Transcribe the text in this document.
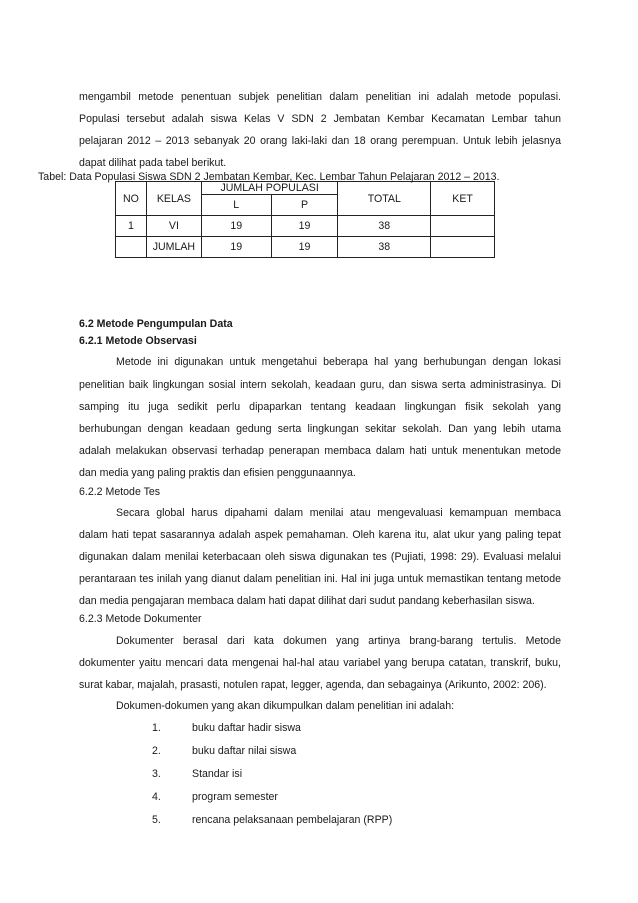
mengambil metode penentuan subjek penelitian dalam penelitian ini adalah metode populasi.
Populasi tersebut adalah siswa Kelas V SDN 2 Jembatan Kembar Kecamatan Lembar tahun
pelajaran 2012 – 2013 sebanyak 20 orang laki-laki dan 18 orang perempuan. Untuk lebih jelasnya
dapat dilihat pada tabel berikut.
Tabel: Data Populasi Siswa SDN 2 Jembatan Kembar, Kec. Lembar Tahun Pelajaran 2012 – 2013.
NO	KELAS	JUMLAH POPULASI		TOTAL	KET
		L	P		
1	VI	19	19	38	
	JUMLAH	19	19	38	
6.2 Metode Pengumpulan Data
6.2.1 Metode Observasi
Metode ini digunakan untuk mengetahui beberapa hal yang berhubungan dengan lokasi
penelitian baik lingkungan sosial intern sekolah, keadaan guru, dan siswa serta administrasinya. Di
samping itu juga sedikit perlu dipaparkan tentang keadaan lingkungan fisik sekolah yang
berhubungan dengan keadaan gedung serta lingkungan sekitar sekolah. Dan yang lebih utama
adalah melakukan observasi terhadap penerapan membaca dalam hati untuk menentukan metode
dan media yang paling praktis dan efisien penggunaannya.
6.2.2 Metode Tes
Secara global harus dipahami dalam menilai atau mengevaluasi kemampuan membaca
dalam hati tepat sasarannya adalah aspek pemahaman. Oleh karena itu, alat ukur yang paling tepat
digunakan dalam menilai keterbacaan oleh siswa digunakan tes (Pujiati, 1998: 29). Evaluasi melalui
perantaraan tes inilah yang dianut dalam penelitian ini. Hal ini juga untuk memastikan tentang metode
dan media pengajaran membaca dalam hati dapat dilihat dari sudut pandang keberhasilan siswa.
6.2.3 Metode Dokumenter
Dokumenter berasal dari kata dokumen yang artinya brang-barang tertulis. Metode
dokumenter yaitu mencari data mengenai hal-hal atau variabel yang berupa catatan, transkrif, buku,
surat kabar, majalah, prasasti, notulen rapat, legger, agenda, dan sebagainya (Arikunto, 2002: 206).
Dokumen-dokumen yang akan dikumpulkan dalam penelitian ini adalah:
1.	buku daftar hadir siswa
2.	buku daftar nilai siswa
3.	Standar isi
4.	program semester
5.	rencana pelaksanaan pembelajaran (RPP)
